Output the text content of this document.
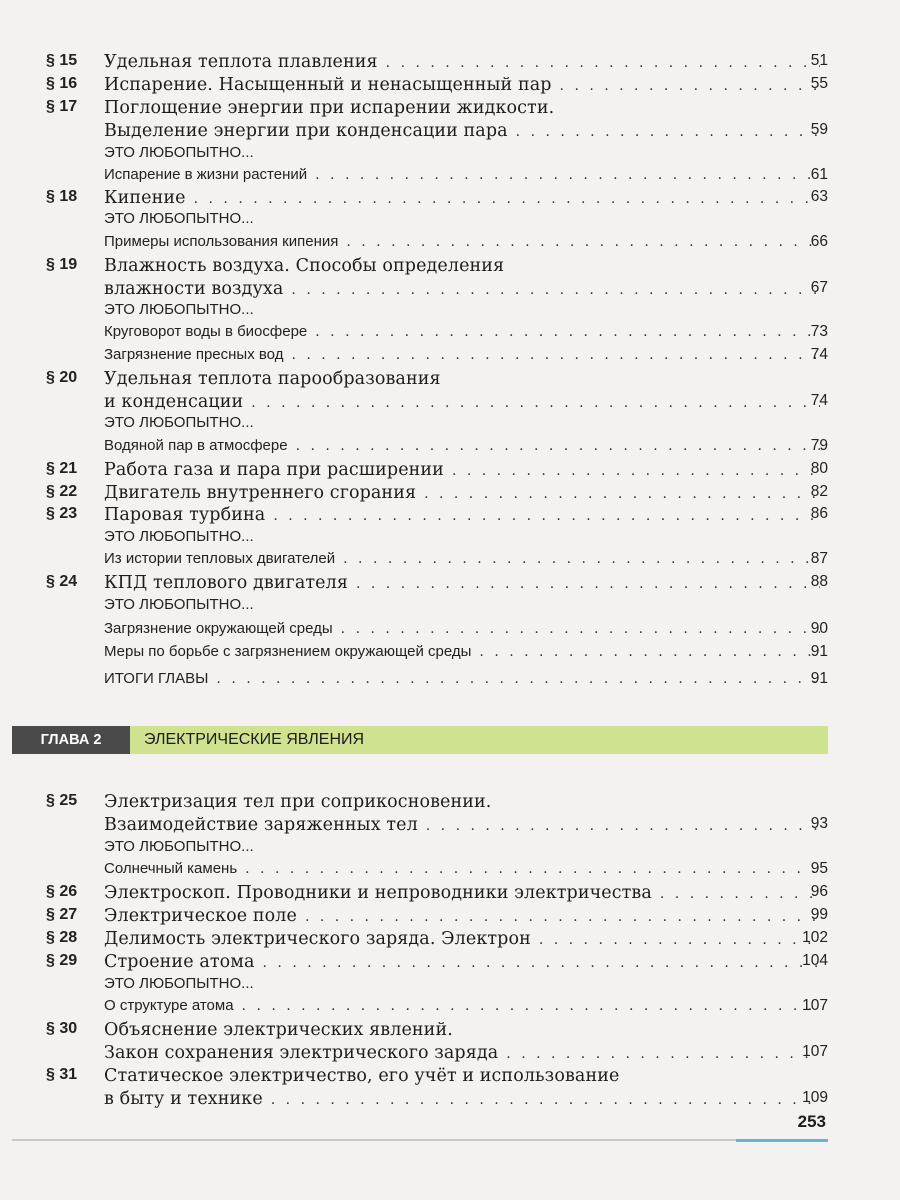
§ 15	Удельная теплота плавления . . .	51
§ 16	Испарение. Насыщенный и ненасыщенный пар . . .	55
§ 17	Поглощение энергии при испарении жидкости.
Выделение энергии при конденсации пара . . .	59
ЭТО ЛЮБОПЫТНО...
Испарение в жизни растений . . .	61
§ 18	Кипение . . .	63
ЭТО ЛЮБОПЫТНО...
Примеры использования кипения . . .	66
§ 19	Влажность воздуха. Способы определения
влажности воздуха . . .	67
ЭТО ЛЮБОПЫТНО...
Круговорот воды в биосфере . . .	73
Загрязнение пресных вод . . .	74
§ 20	Удельная теплота парообразования
и конденсации . . .	74
ЭТО ЛЮБОПЫТНО...
Водяной пар в атмосфере . . .	79
§ 21	Работа газа и пара при расширении . . .	80
§ 22	Двигатель внутреннего сгорания . . .	82
§ 23	Паровая турбина . . .	86
ЭТО ЛЮБОПЫТНО...
Из истории тепловых двигателей . . .	87
§ 24	КПД теплового двигателя . . .	88
ЭТО ЛЮБОПЫТНО...
Загрязнение окружающей среды . . .	90
Меры по борьбе с загрязнением окружающей среды . . .	91
ИТОГИ ГЛАВЫ . . .	91
ГЛАВА 2	ЭЛЕКТРИЧЕСКИЕ ЯВЛЕНИЯ
§ 25	Электризация тел при соприкосновении.
Взаимодействие заряженных тел . . .	93
ЭТО ЛЮБОПЫТНО...
Солнечный камень . . .	95
§ 26	Электроскоп. Проводники и непроводники электричества . . .	96
§ 27	Электрическое поле . . .	99
§ 28	Делимость электрического заряда. Электрон . . .	102
§ 29	Строение атома . . .	104
ЭТО ЛЮБОПЫТНО...
О структуре атома . . .	107
§ 30	Объяснение электрических явлений.
Закон сохранения электрического заряда . . .	107
§ 31	Статическое электричество, его учёт и использование
в быту и технике . . .	109
253
